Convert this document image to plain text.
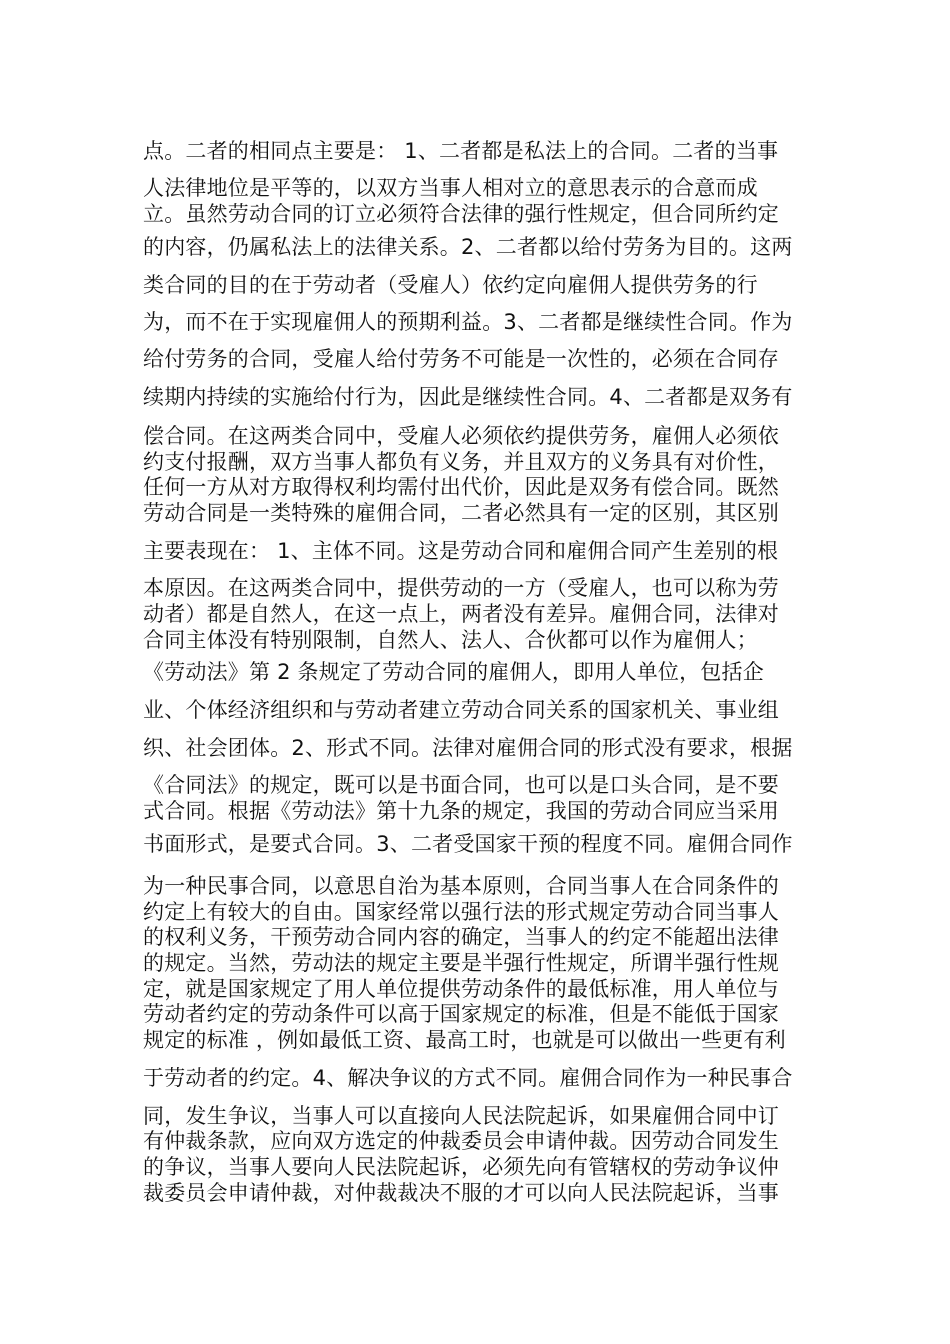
点。二者的相同点主要是： 1、二者都是私法上的合同。二者的当事
人法律地位是平等的，以双方当事人相对立的意思表示的合意而成
立。虽然劳动合同的订立必须符合法律的强行性规定，但合同所约定
的内容，仍属私法上的法律关系。2、二者都以给付劳务为目的。这两
类合同的目的在于劳动者（受雇人）依约定向雇佣人提供劳务的行
为，而不在于实现雇佣人的预期利益。3、二者都是继续性合同。作为
给付劳务的合同，受雇人给付劳务不可能是一次性的，必须在合同存
续期内持续的实施给付行为，因此是继续性合同。4、二者都是双务有
偿合同。在这两类合同中，受雇人必须依约提供劳务，雇佣人必须依
约支付报酬，双方当事人都负有义务，并且双方的义务具有对价性，
任何一方从对方取得权利均需付出代价，因此是双务有偿合同。既然
劳动合同是一类特殊的雇佣合同，二者必然具有一定的区别，其区别
主要表现在： 1、主体不同。这是劳动合同和雇佣合同产生差别的根
本原因。在这两类合同中，提供劳动的一方（受雇人，也可以称为劳
动者）都是自然人，在这一点上，两者没有差异。雇佣合同，法律对
合同主体没有特别限制，自然人、法人、合伙都可以作为雇佣人；
《劳动法》第 2 条规定了劳动合同的雇佣人，即用人单位，包括企
业、个体经济组织和与劳动者建立劳动合同关系的国家机关、事业组
织、社会团体。2、形式不同。法律对雇佣合同的形式没有要求，根据
《合同法》的规定，既可以是书面合同，也可以是口头合同，是不要
式合同。根据《劳动法》第十九条的规定，我国的劳动合同应当采用
书面形式，是要式合同。3、二者受国家干预的程度不同。雇佣合同作
为一种民事合同，以意思自治为基本原则，合同当事人在合同条件的
约定上有较大的自由。国家经常以强行法的形式规定劳动合同当事人
的权利义务，干预劳动合同内容的确定，当事人的约定不能超出法律
的规定。当然，劳动法的规定主要是半强行性规定，所谓半强行性规
定，就是国家规定了用人单位提供劳动条件的最低标准，用人单位与
劳动者约定的劳动条件可以高于国家规定的标准，但是不能低于国家
规定的标准 ，例如最低工资、最高工时，也就是可以做出一些更有利
于劳动者的约定。4、解决争议的方式不同。雇佣合同作为一种民事合
同，发生争议，当事人可以直接向人民法院起诉，如果雇佣合同中订
有仲裁条款，应向双方选定的仲裁委员会申请仲裁。因劳动合同发生
的争议，当事人要向人民法院起诉，必须先向有管辖权的劳动争议仲
裁委员会申请仲裁，对仲裁裁决不服的才可以向人民法院起诉，当事
